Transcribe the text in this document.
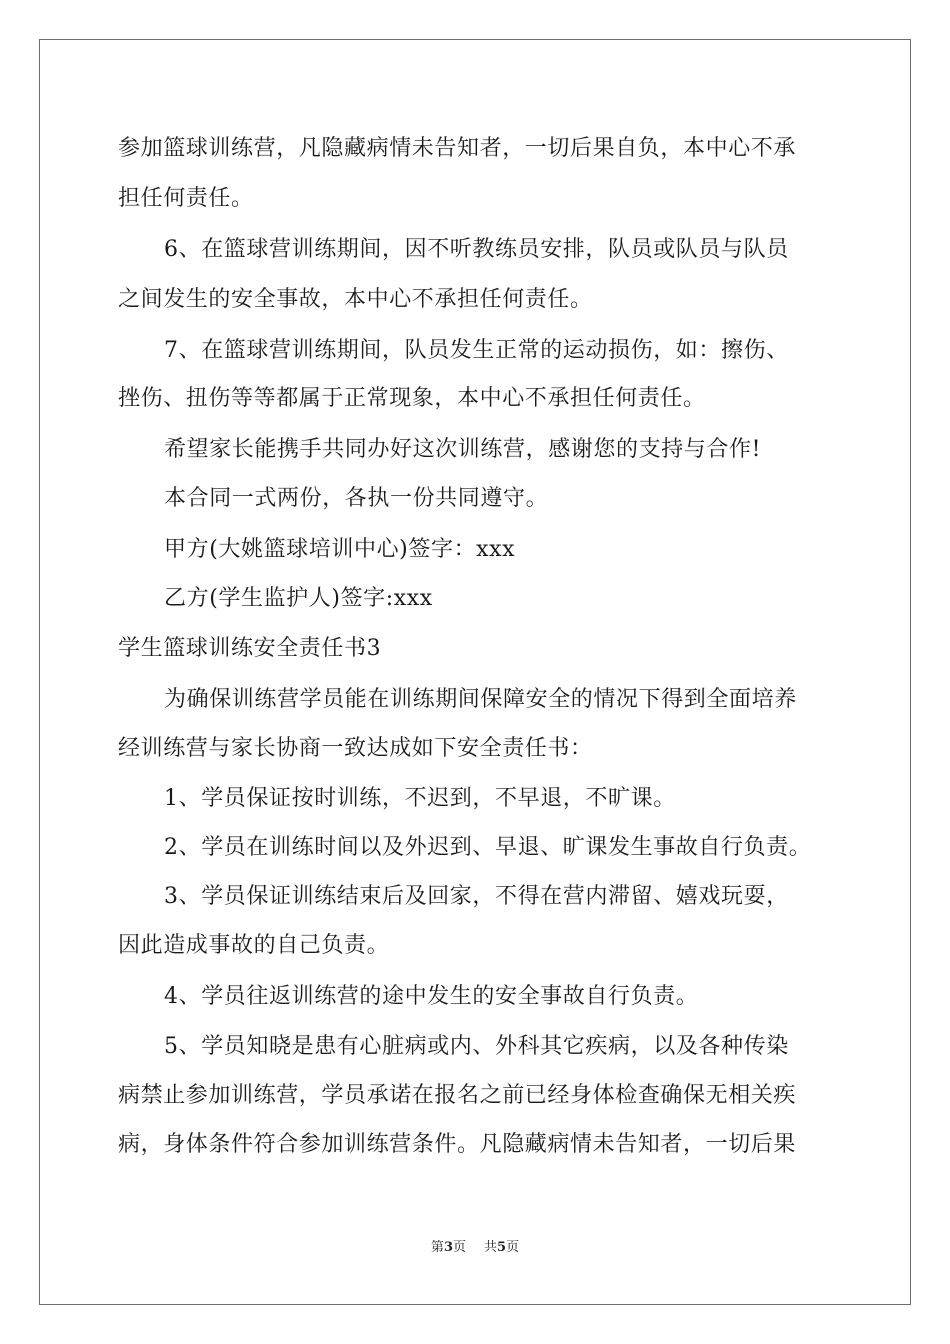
参加篮球训练营，凡隐藏病情未告知者，一切后果自负，本中心不承
担任何责任。
6、在篮球营训练期间，因不听教练员安排，队员或队员与队员
之间发生的安全事故，本中心不承担任何责任。
7、在篮球营训练期间，队员发生正常的运动损伤，如：擦伤、
挫伤、扭伤等等都属于正常现象，本中心不承担任何责任。
希望家长能携手共同办好这次训练营，感谢您的支持与合作!
本合同一式两份，各执一份共同遵守。
甲方(大姚篮球培训中心)签字：xxx
乙方(学生监护人)签字:xxx
学生篮球训练安全责任书3
为确保训练营学员能在训练期间保障安全的情况下得到全面培养
经训练营与家长协商一致达成如下安全责任书：
1、学员保证按时训练，不迟到，不早退，不旷课。
2、学员在训练时间以及外迟到、早退、旷课发生事故自行负责。
3、学员保证训练结束后及回家，不得在营内滞留、嬉戏玩耍，
因此造成事故的自己负责。
4、学员往返训练营的途中发生的安全事故自行负责。
5、学员知晓是患有心脏病或内、外科其它疾病，以及各种传染
病禁止参加训练营，学员承诺在报名之前已经身体检查确保无相关疾
病，身体条件符合参加训练营条件。凡隐藏病情未告知者，一切后果
第3页 共5页
